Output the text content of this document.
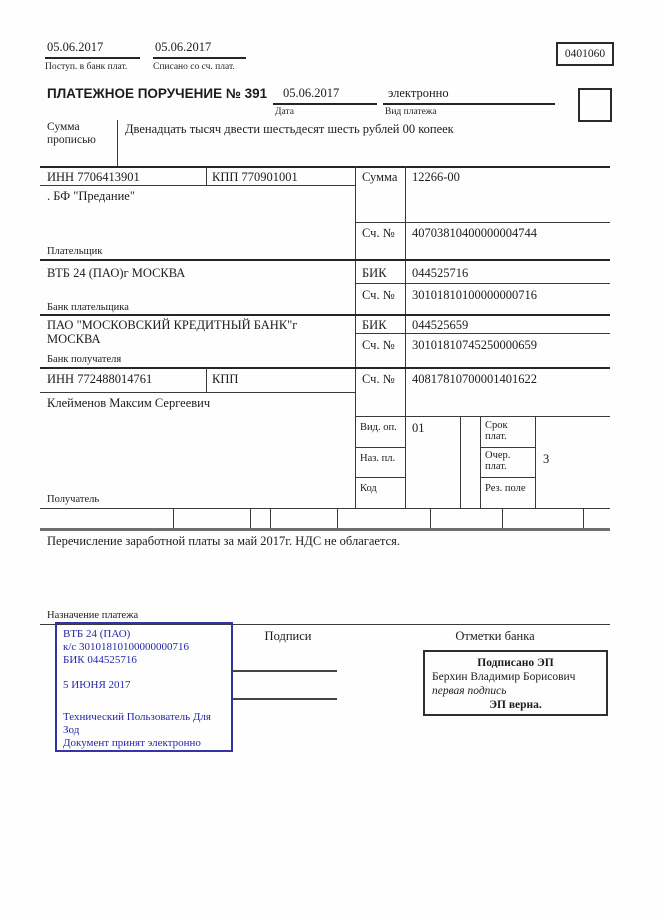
05.06.2017
Поступ. в банк плат.
05.06.2017
Списано со сч. плат.
0401060
ПЛАТЕЖНОЕ ПОРУЧЕНИЕ № 391 05.06.2017
Дата
электронно
Вид платежа
Сумма прописью
Двенадцать тысяч двести шестьдесят шесть рублей 00 копеек
ИНН 7706413901	КПП 770901001	Сумма 12266-00
. БФ "Предание"
Сч. № 40703810400000004744
Плательщик
ВТБ 24 (ПАО)г МОСКВА	БИК 044525716
Сч. № 30101810100000000716
Банк плательщика
ПАО "МОСКОВСКИЙ КРЕДИТНЫЙ БАНК"г МОСКВА
БИК 044525659
Сч. № 30101810745250000659
Банк получателя
ИНН 772488014761	КПП	Сч. № 40817810700001401622
Клейменов Максим Сергеевич
Вид. оп. 01	Срок плат.
Наз. пл.	Очер. плат.
3
Код	Рез. поле
Получатель
Перечисление заработной платы за май 2017г. НДС не облагается.
Назначение платежа
ВТБ 24 (ПАО)
к/с 30101810100000000716
БИК 044525716
5 ИЮНЯ 2017
Технический Пользователь Для Зод
Документ принят электронно
Подписи	Отметки банка
Подписано ЭП
Берхин Владимир Борисович
первая подпись
ЭП верна.
